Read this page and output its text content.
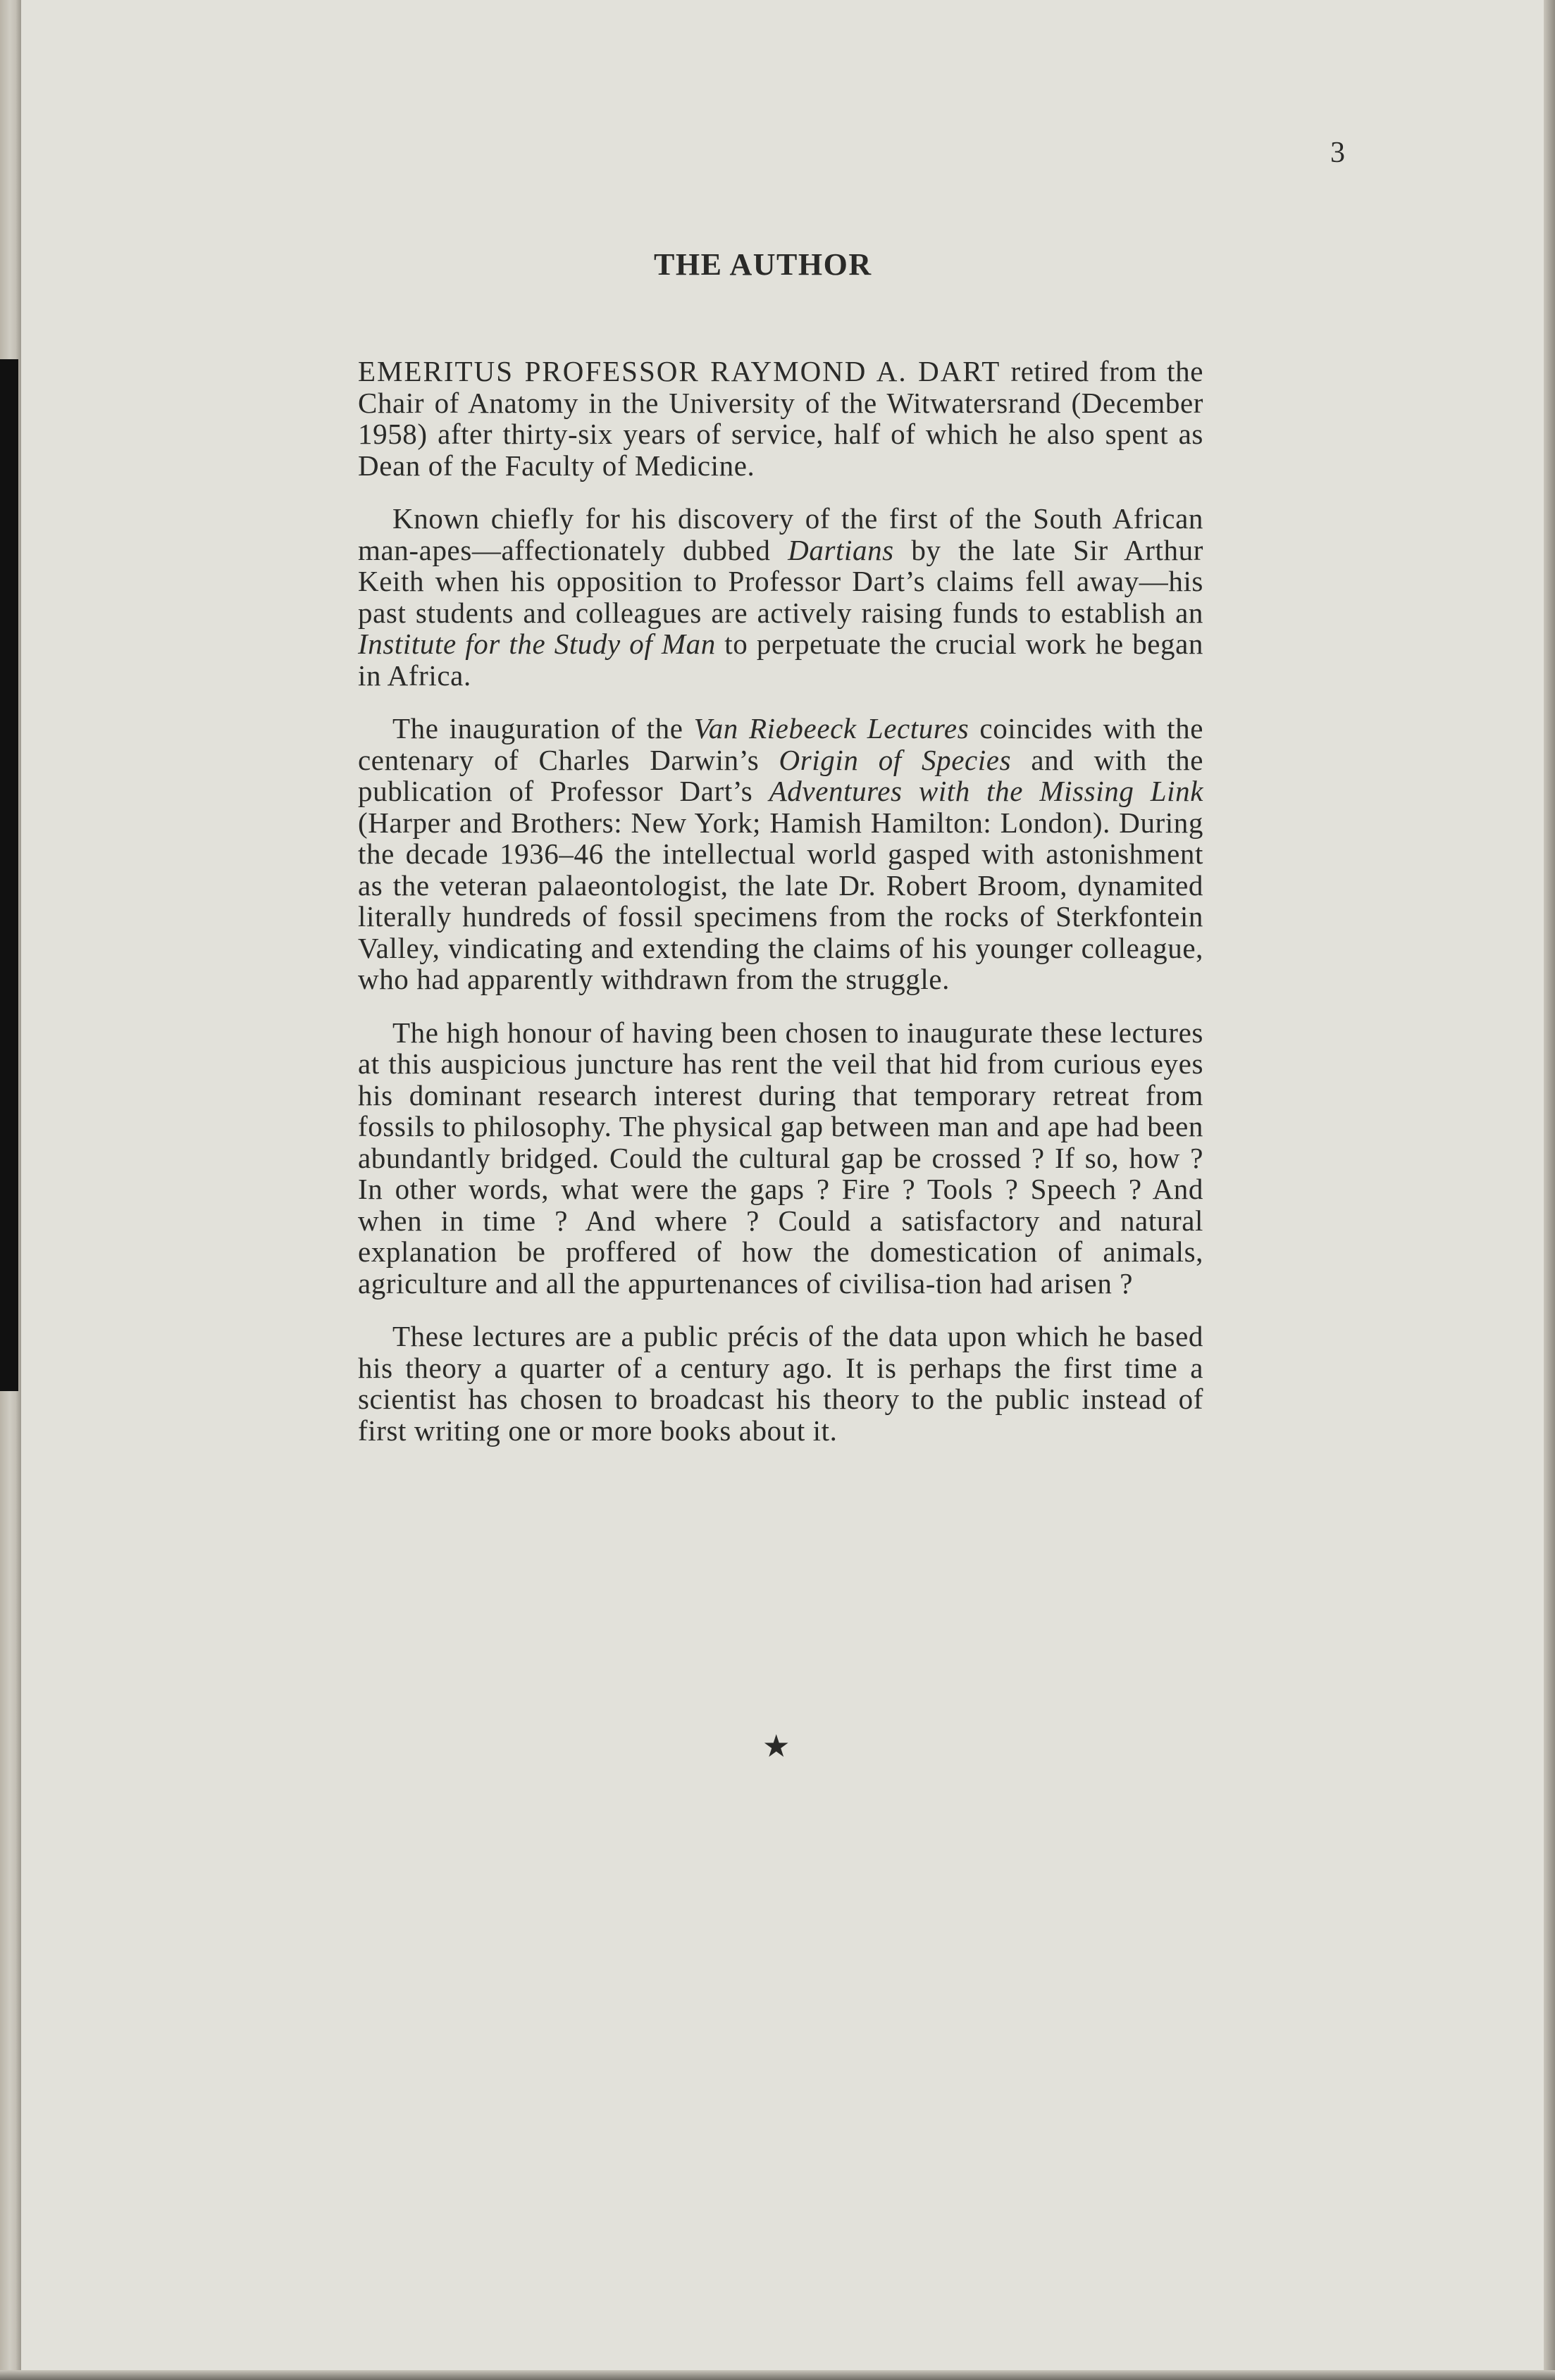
3
THE AUTHOR

EMERITUS PROFESSOR RAYMOND A. DART retired from the Chair of Anatomy in the University of the Witwatersrand (December 1958) after thirty-six years of service, half of which he also spent as Dean of the Faculty of Medicine.

Known chiefly for his discovery of the first of the South African man-apes—affectionately dubbed Dartians by the late Sir Arthur Keith when his opposition to Professor Dart’s claims fell away—his past students and colleagues are actively raising funds to establish an Institute for the Study of Man to perpetuate the crucial work he began in Africa.

The inauguration of the Van Riebeeck Lectures coincides with the centenary of Charles Darwin’s Origin of Species and with the publication of Professor Dart’s Adventures with the Missing Link (Harper and Brothers: New York; Hamish Hamilton: London). During the decade 1936–46 the intellectual world gasped with astonishment as the veteran palaeontologist, the late Dr. Robert Broom, dynamited literally hundreds of fossil specimens from the rocks of Sterkfontein Valley, vindicating and extending the claims of his younger colleague, who had apparently withdrawn from the struggle.

The high honour of having been chosen to inaugurate these lectures at this auspicious juncture has rent the veil that hid from curious eyes his dominant research interest during that temporary retreat from fossils to philosophy. The physical gap between man and ape had been abundantly bridged. Could the cultural gap be crossed ? If so, how ? In other words, what were the gaps ? Fire ? Tools ? Speech ? And when in time ? And where ? Could a satisfactory and natural explanation be proffered of how the domestication of animals, agriculture and all the appurtenances of civilisa-tion had arisen ?

These lectures are a public précis of the data upon which he based his theory a quarter of a century ago. It is perhaps the first time a scientist has chosen to broadcast his theory to the public instead of first writing one or more books about it.

★
